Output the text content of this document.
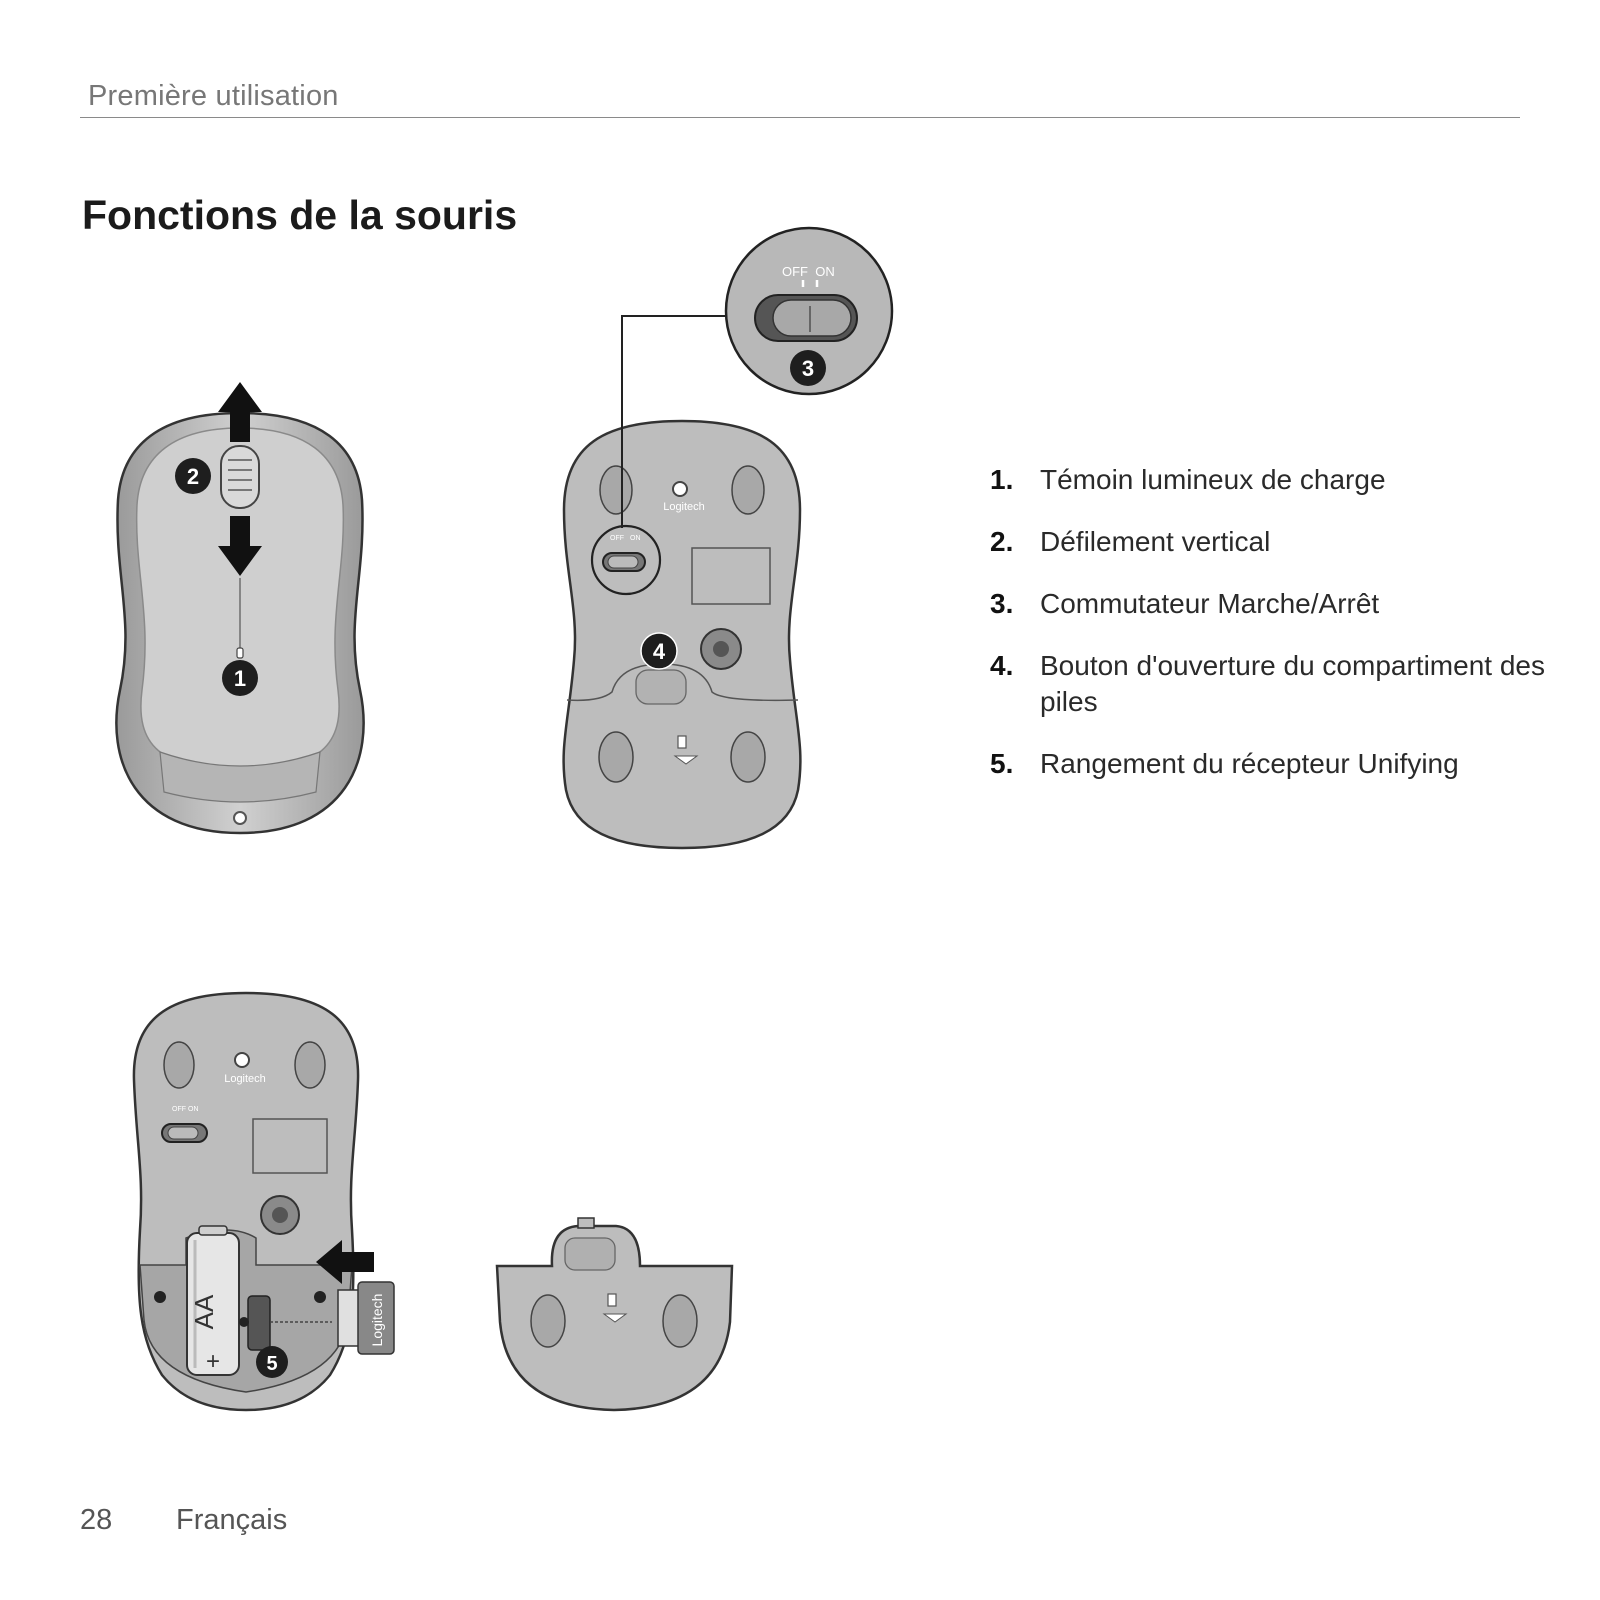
Première utilisation
Fonctions de la souris
1. Témoin lumineux de charge
2. Défilement vertical
3. Commutateur Marche/Arrêt
4. Bouton d'ouverture du compartiment des piles
5. Rangement du récepteur Unifying
2
1
Logitech
OFF ON
4
OFF ON
3
Logitech
OFF ON
AA
+
Logitech
5
28 Français
